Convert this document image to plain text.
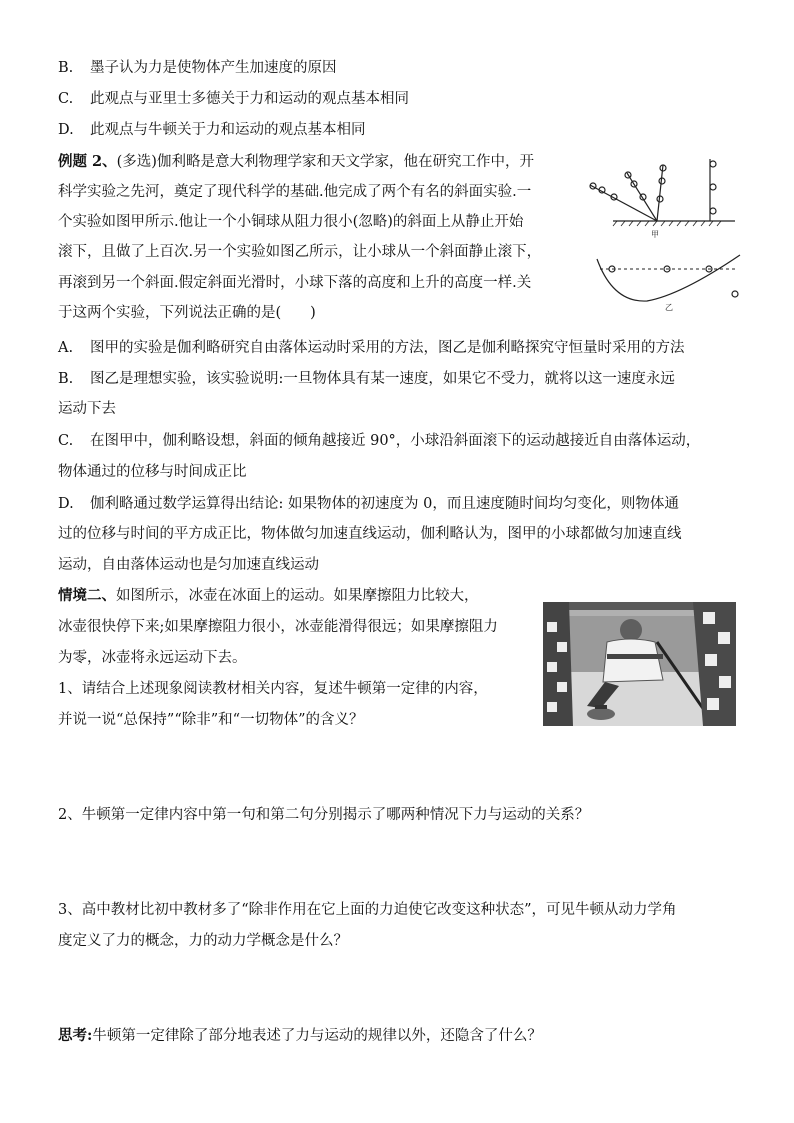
B. 墨子认为力是使物体产生加速度的原因
C. 此观点与亚里士多德关于力和运动的观点基本相同
D. 此观点与牛顿关于力和运动的观点基本相同
例题 2、(多选)伽利略是意大利物理学家和天文学家，他在研究工作中，开
科学实验之先河，奠定了现代科学的基础.他完成了两个有名的斜面实验.一
个实验如图甲所示.他让一个小铜球从阻力很小(忽略)的斜面上从静止开始
滚下，且做了上百次.另一个实验如图乙所示，让小球从一个斜面静止滚下，
再滚到另一个斜面.假定斜面光滑时，小球下落的高度和上升的高度一样.关
于这两个实验，下列说法正确的是(　　)
甲
乙
A. 图甲的实验是伽利略研究自由落体运动时采用的方法，图乙是伽利略探究守恒量时采用的方法
B. 图乙是理想实验，该实验说明:一旦物体具有某一速度，如果它不受力，就将以这一速度永远
运动下去
C. 在图甲中，伽利略设想，斜面的倾角越接近 90°，小球沿斜面滚下的运动越接近自由落体运动，
物体通过的位移与时间成正比
D. 伽利略通过数学运算得出结论: 如果物体的初速度为 0，而且速度随时间均匀变化，则物体通
过的位移与时间的平方成正比，物体做匀加速直线运动，伽利略认为，图甲的小球都做匀加速直线
运动，自由落体运动也是匀加速直线运动
情境二、如图所示，冰壶在冰面上的运动。如果摩擦阻力比较大，
冰壶很快停下来;如果摩擦阻力很小，冰壶能滑得很远；如果摩擦阻力
为零，冰壶将永远运动下去。
1、请结合上述现象阅读教材相关内容，复述牛顿第一定律的内容，
并说一说“总保持”“除非”和“一切物体”的含义？
2、牛顿第一定律内容中第一句和第二句分别揭示了哪两种情况下力与运动的关系？
3、高中教材比初中教材多了“除非作用在它上面的力迫使它改变这种状态”，可见牛顿从动力学角
度定义了力的概念，力的动力学概念是什么？
思考:牛顿第一定律除了部分地表述了力与运动的规律以外，还隐含了什么？
